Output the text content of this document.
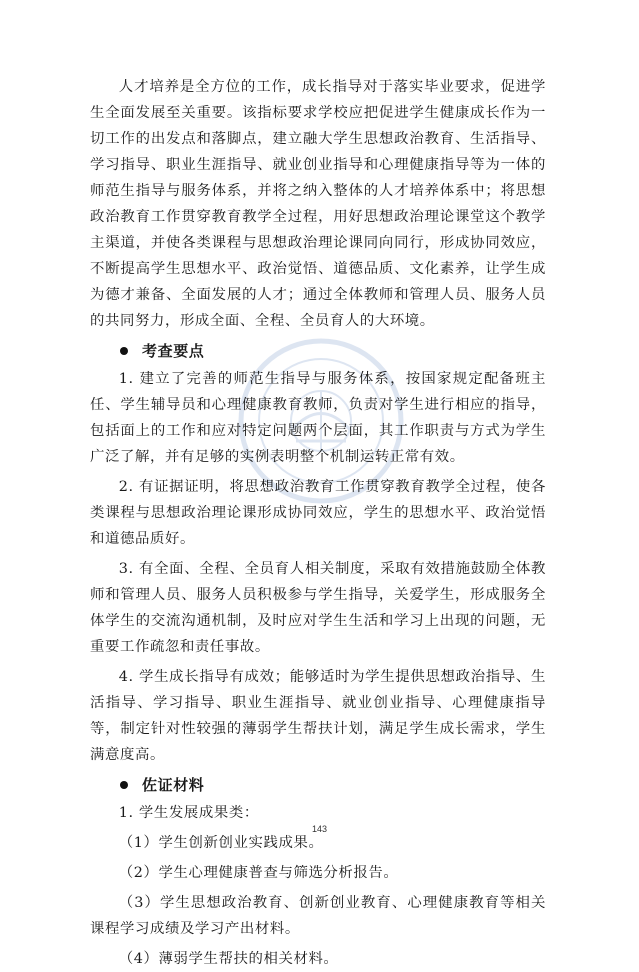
人才培养是全方位的工作，成长指导对于落实毕业要求，促进学生全面发展至关重要。该指标要求学校应把促进学生健康成长作为一切工作的出发点和落脚点，建立融大学生思想政治教育、生活指导、学习指导、职业生涯指导、就业创业指导和心理健康指导等为一体的师范生指导与服务体系，并将之纳入整体的人才培养体系中；将思想政治教育工作贯穿教育教学全过程，用好思想政治理论课堂这个教学主渠道，并使各类课程与思想政治理论课同向同行，形成协同效应，不断提高学生思想水平、政治觉悟、道德品质、文化素养，让学生成为德才兼备、全面发展的人才；通过全体教师和管理人员、服务人员的共同努力，形成全面、全程、全员育人的大环境。

考查要点

1. 建立了完善的师范生指导与服务体系，按国家规定配备班主任、学生辅导员和心理健康教育教师，负责对学生进行相应的指导，包括面上的工作和应对特定问题两个层面，其工作职责与方式为学生广泛了解，并有足够的实例表明整个机制运转正常有效。

2. 有证据证明，将思想政治教育工作贯穿教育教学全过程，使各类课程与思想政治理论课形成协同效应，学生的思想水平、政治觉悟和道德品质好。

3. 有全面、全程、全员育人相关制度，采取有效措施鼓励全体教师和管理人员、服务人员积极参与学生指导，关爱学生，形成服务全体学生的交流沟通机制，及时应对学生生活和学习上出现的问题，无重要工作疏忽和责任事故。

4. 学生成长指导有成效；能够适时为学生提供思想政治指导、生活指导、学习指导、职业生涯指导、就业创业指导、心理健康指导等，制定针对性较强的薄弱学生帮扶计划，满足学生成长需求，学生满意度高。

佐证材料

1. 学生发展成果类：

（1）学生创新创业实践成果。

（2）学生心理健康普查与筛选分析报告。

（3）学生思想政治教育、创新创业教育、心理健康教育等相关课程学习成绩及学习产出材料。

（4）薄弱学生帮扶的相关材料。

143
